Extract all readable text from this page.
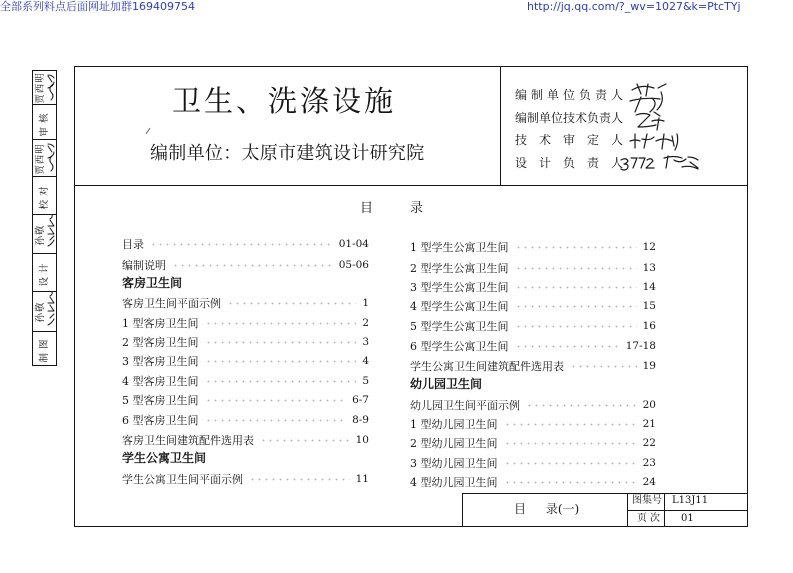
全部系列料点后面网址加群169409754	http://jq.qq.com/?_wv=1027&k=PtcTYj
卫生、洗涤设施
编制单位：太原市建筑设计研究院
编制单位负责人
编制单位技术负责人
技术审定人
设计负责人
贾西明
审核
贾西明
校对
孙敬
设计
孙敬
制图
目录
目录	01-04
编制说明	05-06
客房卫生间
客房卫生间平面示例	1
1 型客房卫生间	2
2 型客房卫生间	3
3 型客房卫生间	4
4 型客房卫生间	5
5 型客房卫生间	6-7
6 型客房卫生间	8-9
客房卫生间建筑配件选用表	10
学生公寓卫生间
学生公寓卫生间平面示例	11
1 型学生公寓卫生间	12
2 型学生公寓卫生间	13
3 型学生公寓卫生间	14
4 型学生公寓卫生间	15
5 型学生公寓卫生间	16
6 型学生公寓卫生间	17-18
学生公寓卫生间建筑配件选用表	19
幼儿园卫生间
幼儿园卫生间平面示例	20
1 型幼儿园卫生间	21
2 型幼儿园卫生间	22
3 型幼儿园卫生间	23
4 型幼儿园卫生间	24
目 录(一)
图集号 L13J11
页次 01
